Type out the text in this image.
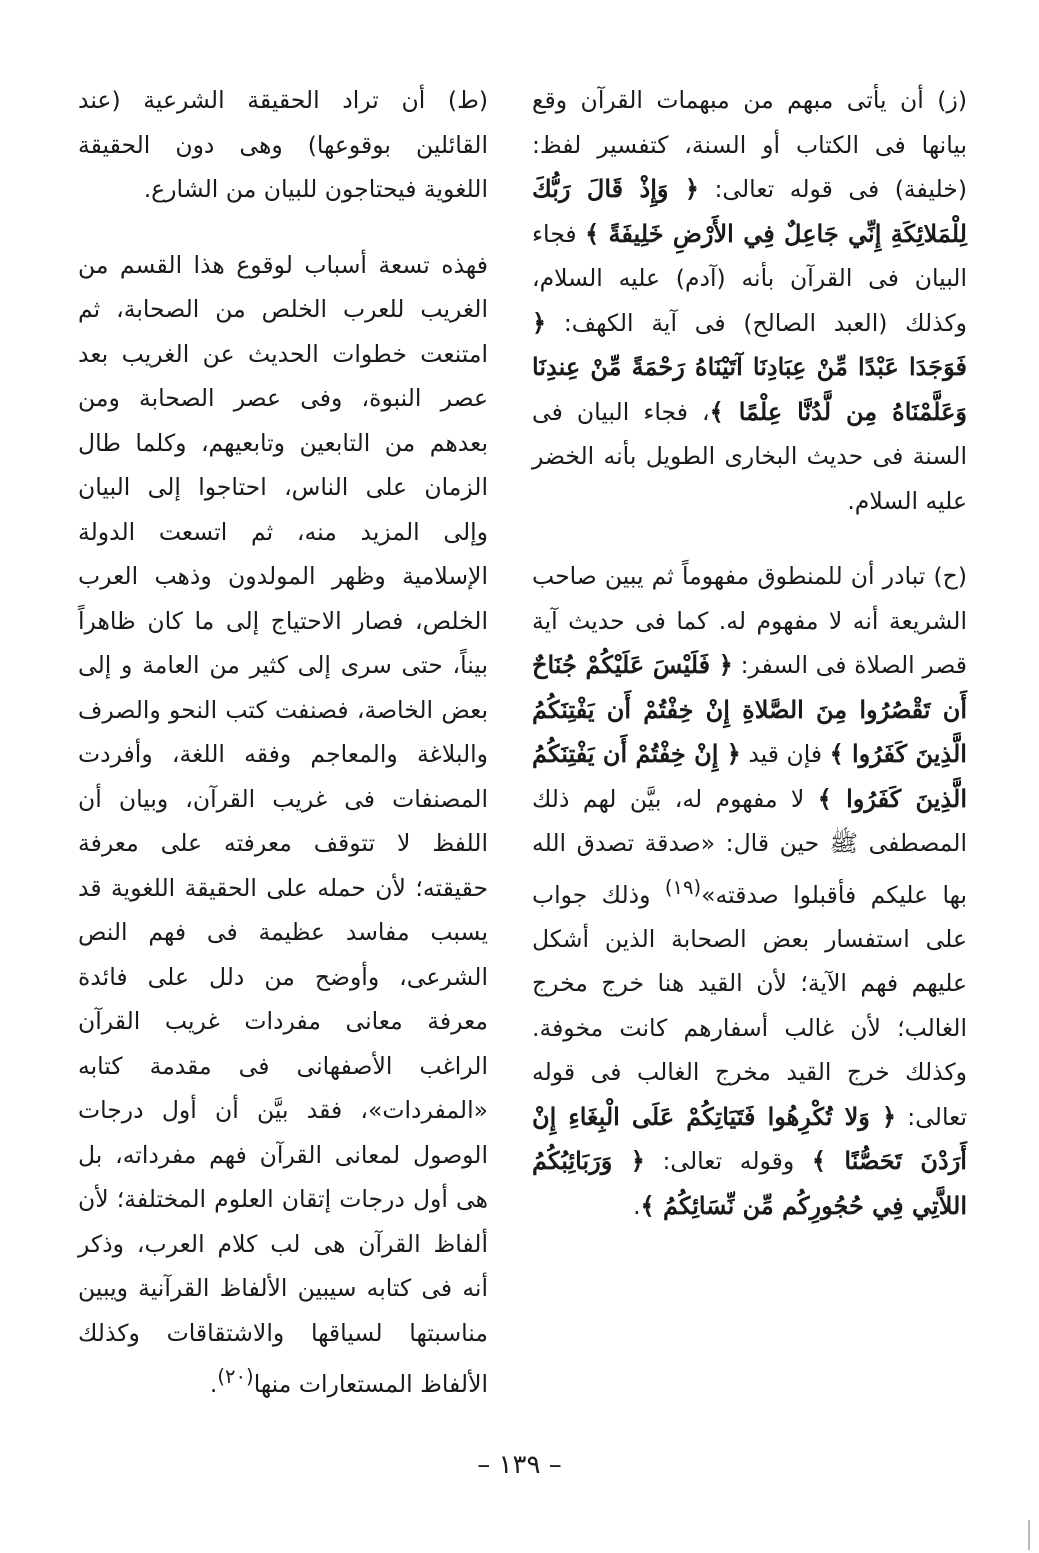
(ز) أن يأتى مبهم من مبهمات القرآن وقع بيانها فى الكتاب أو السنة، كتفسير لفظ: (خليفة) فى قوله تعالى: ﴿ وَإِذْ قَالَ رَبُّكَ لِلْمَلائِكَةِ إِنِّي جَاعِلٌ فِي الأَرْضِ خَلِيفَةً ﴾ فجاء البيان فى القرآن بأنه (آدم) عليه السلام، وكذلك (العبد الصالح) فى آية الكهف: ﴿ فَوَجَدَا عَبْدًا مِّنْ عِبَادِنَا آتَيْنَاهُ رَحْمَةً مِّنْ عِندِنَا وَعَلَّمْنَاهُ مِن لَّدُنَّا عِلْمًا ﴾، فجاء البيان فى السنة فى حديث البخارى الطويل بأنه الخضر عليه السلام.

(ح) تبادر أن للمنطوق مفهوماً ثم يبين صاحب الشريعة أنه لا مفهوم له. كما فى حديث آية قصر الصلاة فى السفر: ﴿ فَلَيْسَ عَلَيْكُمْ جُنَاحٌ أَن تَقْصُرُوا مِنَ الصَّلاةِ إِنْ خِفْتُمْ أَن يَفْتِنَكُمُ الَّذِينَ كَفَرُوا ﴾ فإن قيد ﴿ إِنْ خِفْتُمْ أَن يَفْتِنَكُمُ الَّذِينَ كَفَرُوا ﴾ لا مفهوم له، بيَّن لهم ذلك المصطفى ﷺ حين قال: «صدقة تصدق الله بها عليكم فأقبلوا صدقته»$^{(١٩)}$ وذلك جواب على استفسار بعض الصحابة الذين أشكل عليهم فهم الآية؛ لأن القيد هنا خرج مخرج الغالب؛ لأن غالب أسفارهم كانت مخوفة. وكذلك خرج القيد مخرج الغالب فى قوله تعالى: ﴿ وَلا تُكْرِهُوا فَتَيَاتِكُمْ عَلَى الْبِغَاءِ إِنْ أَرَدْنَ تَحَصُّنًا ﴾ وقوله تعالى: ﴿ وَرَبَائِبُكُمُ اللاَّتِي فِي حُجُورِكُم مِّن نِّسَائِكُمُ ﴾.

(ط) أن تراد الحقيقة الشرعية (عند القائلين بوقوعها) وهى دون الحقيقة اللغوية فيحتاجون للبيان من الشارع.

فهذه تسعة أسباب لوقوع هذا القسم من الغريب للعرب الخلص من الصحابة، ثم امتنعت خطوات الحديث عن الغريب بعد عصر النبوة، وفى عصر الصحابة ومن بعدهم من التابعين وتابعيهم، وكلما طال الزمان على الناس، احتاجوا إلى البيان وإلى المزيد منه، ثم اتسعت الدولة الإسلامية وظهر المولدون وذهب العرب الخلص، فصار الاحتياج إلى ما كان ظاهراً بيناً، حتى سرى إلى كثير من العامة و إلى بعض الخاصة، فصنفت كتب النحو والصرف والبلاغة والمعاجم وفقه اللغة، وأفردت المصنفات فى غريب القرآن، وبيان أن اللفظ لا تتوقف معرفته على معرفة حقيقته؛ لأن حمله على الحقيقة اللغوية قد يسبب مفاسد عظيمة فى فهم النص الشرعى، وأوضح من دلل على فائدة معرفة معانى مفردات غريب القرآن الراغب الأصفهانى فى مقدمة كتابه «المفردات»، فقد بيَّن أن أول درجات الوصول لمعانى القرآن فهم مفرداته، بل هى أول درجات إتقان العلوم المختلفة؛ لأن ألفاظ القرآن هى لب كلام العرب، وذكر أنه فى كتابه سيبين الألفاظ القرآنية ويبين مناسبتها لسياقها والاشتقاقات وكذلك الألفاظ المستعارات منها$^{(٢٠)}$.

– ١٣٩ –
